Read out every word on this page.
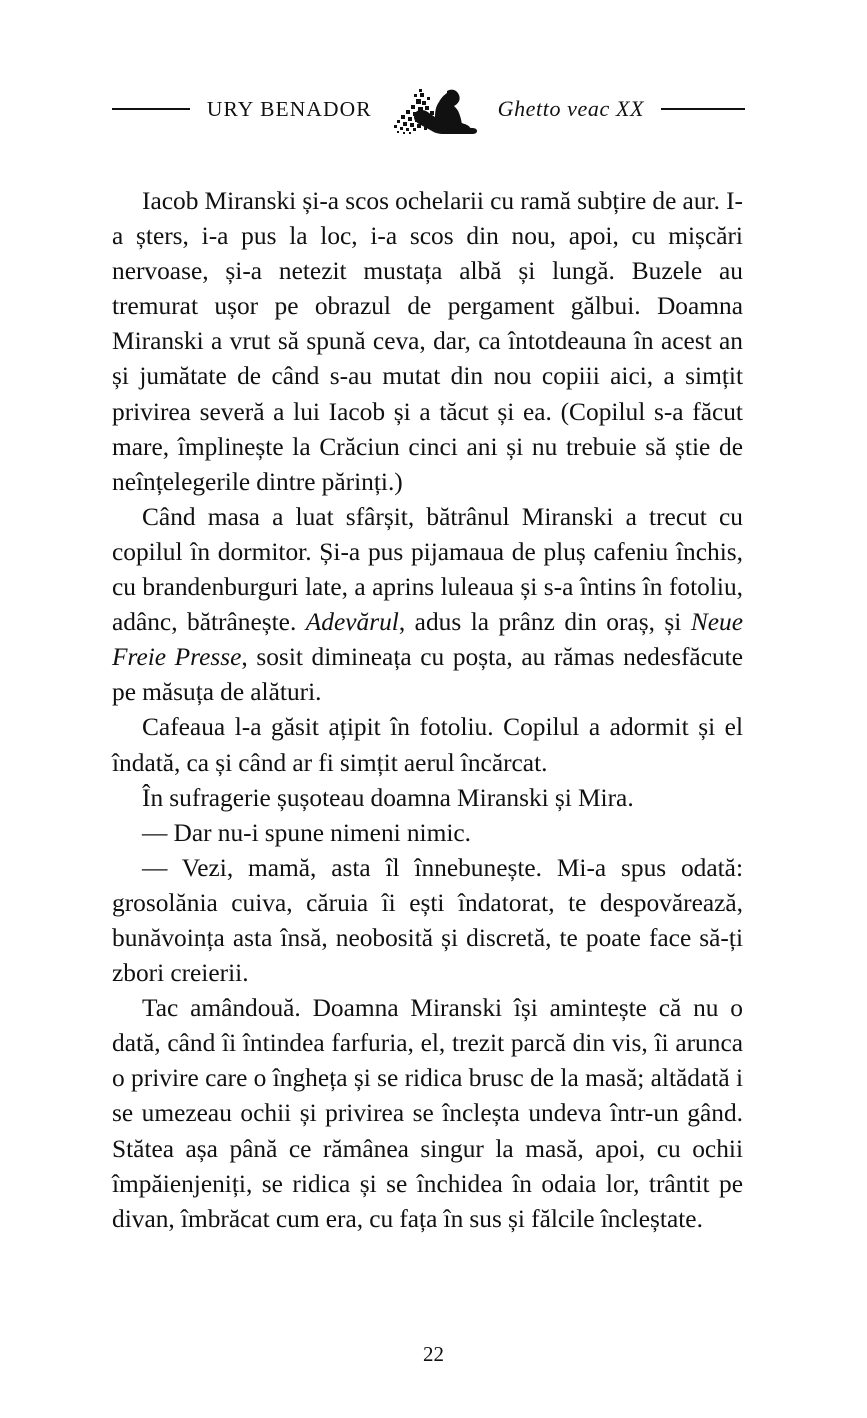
URY BENADOR	Ghetto veac XX

Iacob Miranski și-a scos ochelarii cu ramă subțire de aur. I-a șters, i-a pus la loc, i-a scos din nou, apoi, cu mișcări nervoase, și-a netezit mustața albă și lungă. Buzele au tremurat ușor pe obrazul de pergament gălbui. Doamna Miranski a vrut să spună ceva, dar, ca întotdeauna în acest an și jumătate de când s-au mutat din nou copiii aici, a simțit privirea severă a lui Iacob și a tăcut și ea. (Copilul s-a făcut mare, împlinește la Crăciun cinci ani și nu trebuie să știe de neînțelegerile dintre părinți.)

Când masa a luat sfârșit, bătrânul Miranski a trecut cu copilul în dormitor. Și-a pus pijamaua de pluș cafeniu închis, cu brandenburguri late, a aprins luleaua și s-a întins în fotoliu, adânc, bătrânește. Adevărul, adus la prânz din oraș, și Neue Freie Presse, sosit dimineața cu poșta, au rămas nedesfăcute pe măsuța de alături.

Cafeaua l-a găsit ațipit în fotoliu. Copilul a adormit și el îndată, ca și când ar fi simțit aerul încărcat.

În sufragerie șușoteau doamna Miranski și Mira.

— Dar nu-i spune nimeni nimic.

— Vezi, mamă, asta îl înnebunește. Mi-a spus odată: grosolănia cuiva, căruia îi ești îndatorat, te despovărează, bunăvoința asta însă, neobosită și discretă, te poate face să-ți zbori creierii.

Tac amândouă. Doamna Miranski își amintește că nu o dată, când îi întindea farfuria, el, trezit parcă din vis, îi arunca o privire care o îngheța și se ridica brusc de la masă; altădată i se umezeau ochii și privirea se încleșta undeva într-un gând. Stătea așa până ce rămânea singur la masă, apoi, cu ochii împăienjeniți, se ridica și se închidea în odaia lor, trântit pe divan, îmbrăcat cum era, cu fața în sus și fălcile încleștate.

22
